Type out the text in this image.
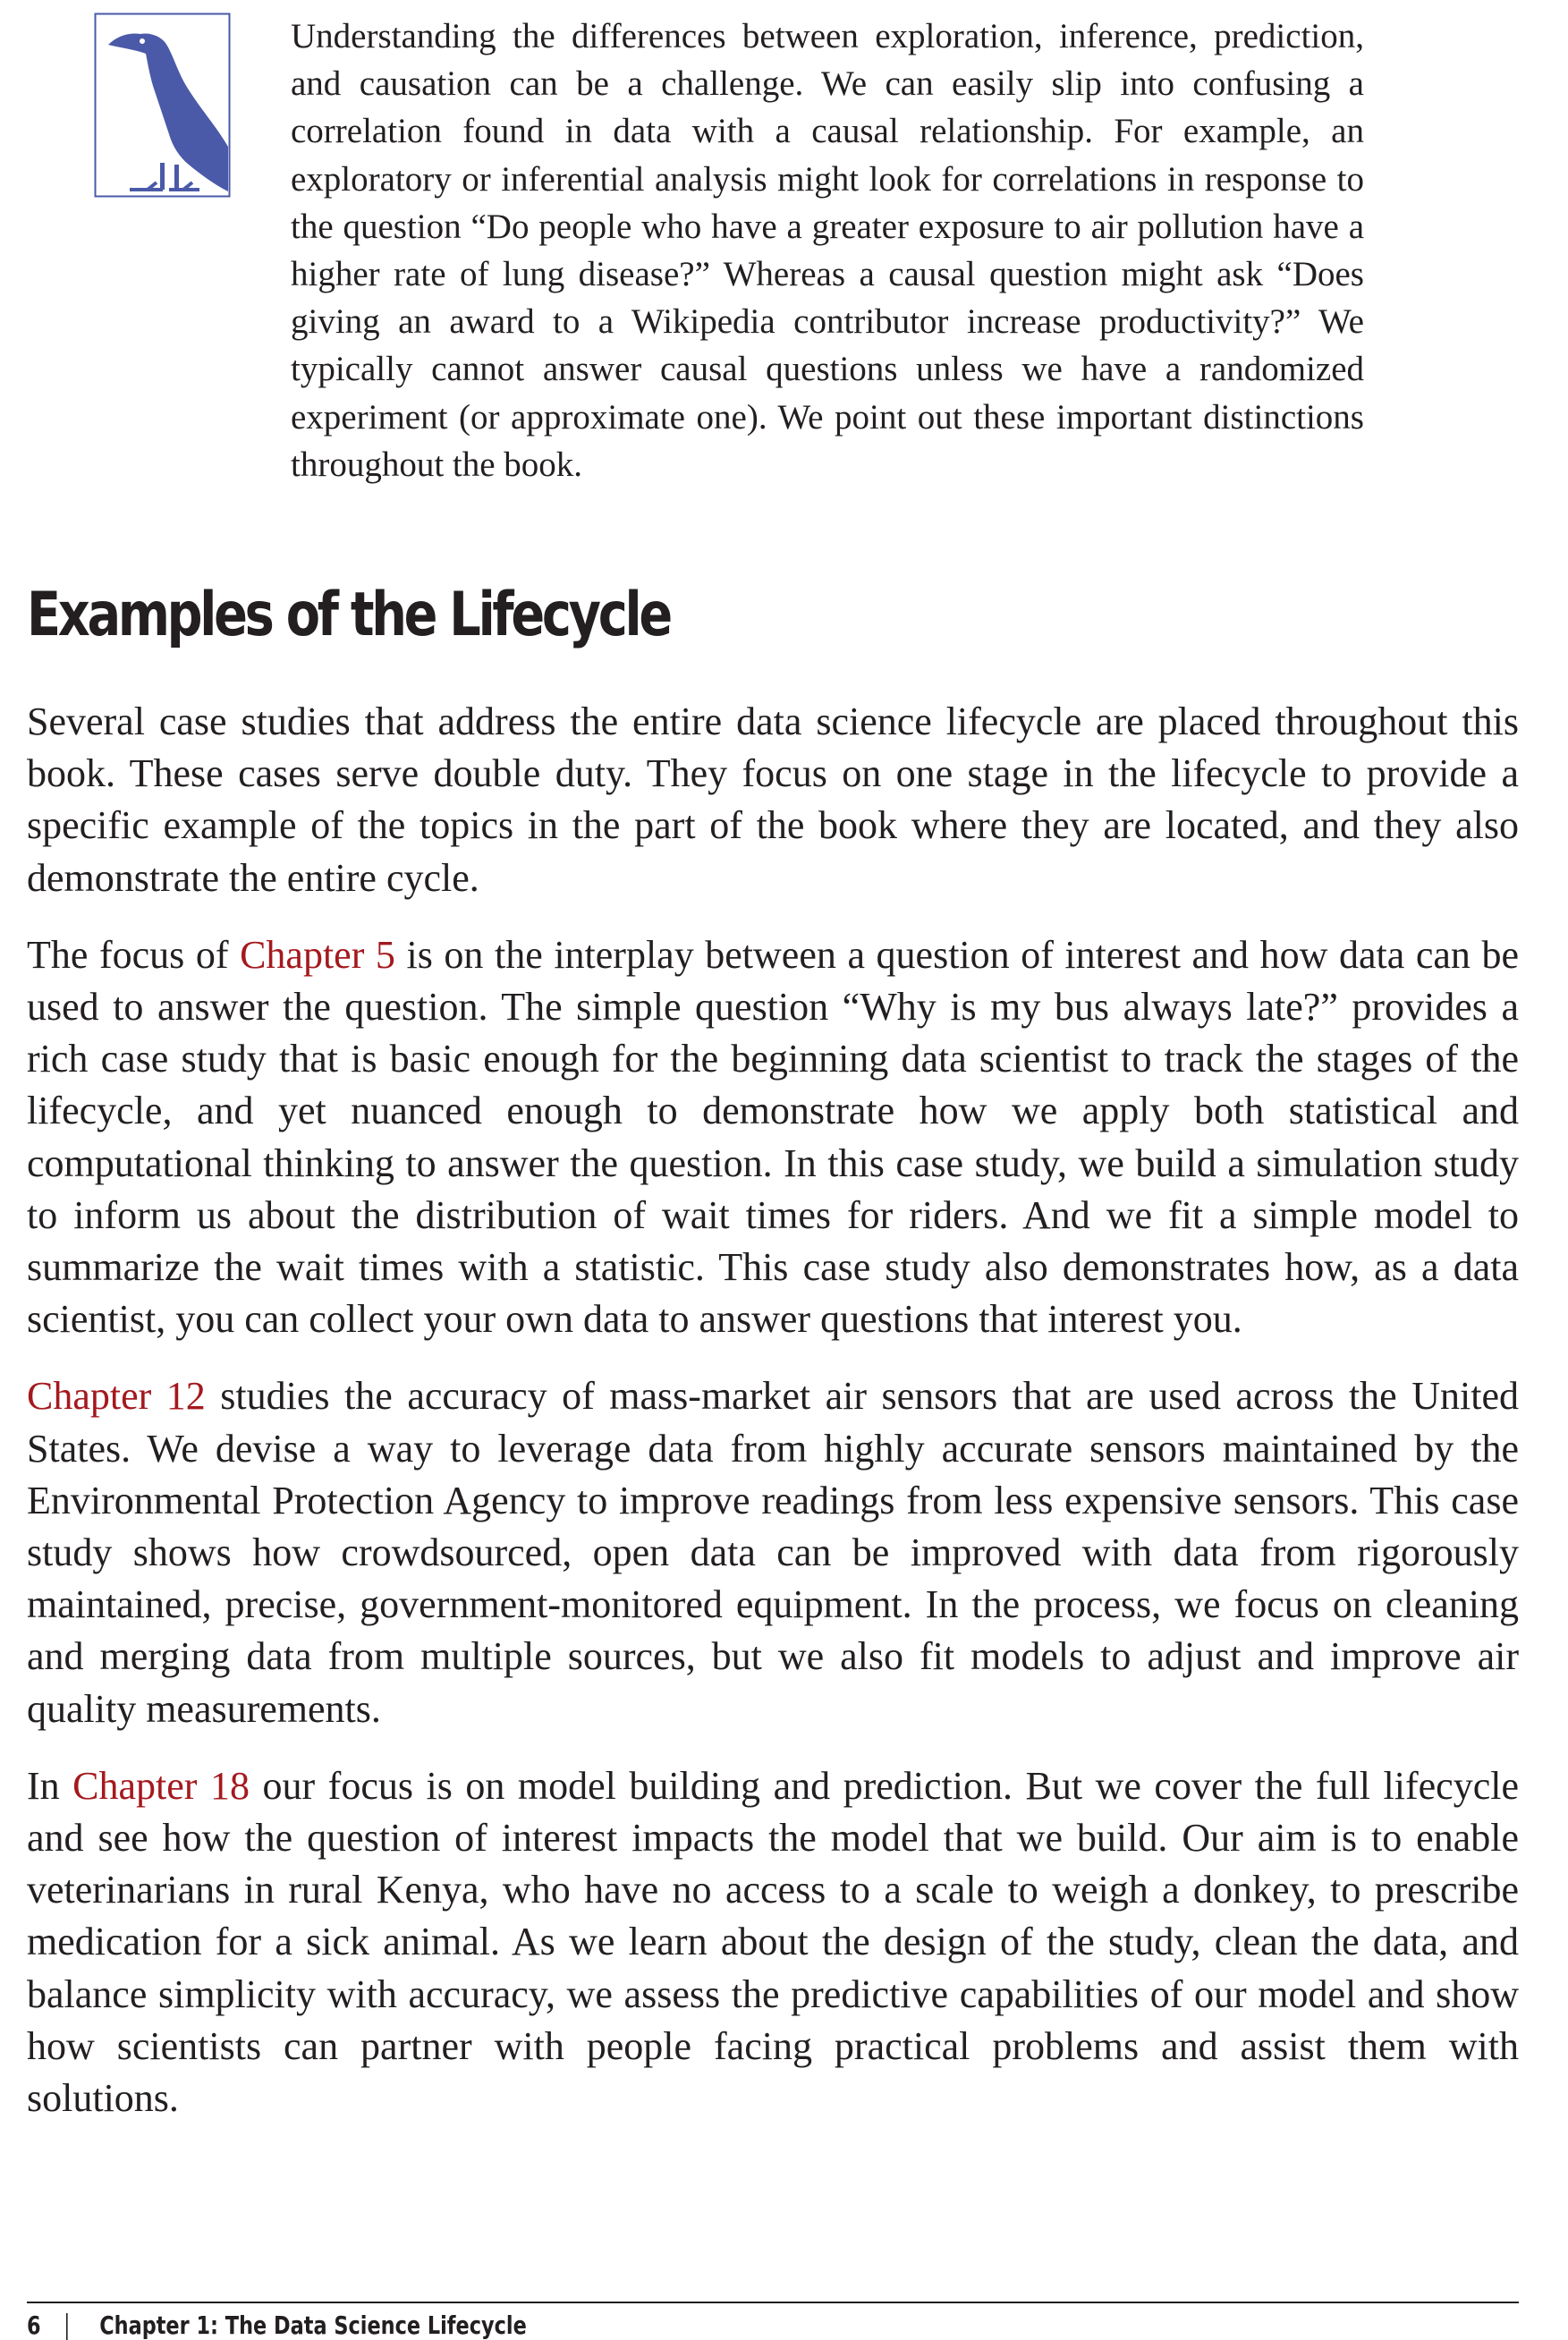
Understanding the differences between exploration, inference, prediction, and causation can be a challenge. We can easily slip into confusing a correlation found in data with a causal relationship. For example, an exploratory or inferential analysis might look for correlations in response to the question “Do people who have a greater exposure to air pollution have a higher rate of lung disease?” Whereas a causal question might ask “Does giving an award to a Wikipedia contributor increase productivity?” We typically cannot answer causal questions unless we have a randomized experiment (or approximate one). We point out these important distinctions throughout the book.

Examples of the Lifecycle

Several case studies that address the entire data science lifecycle are placed throughout this book. These cases serve double duty. They focus on one stage in the lifecycle to provide a specific example of the topics in the part of the book where they are located, and they also demonstrate the entire cycle.

The focus of Chapter 5 is on the interplay between a question of interest and how data can be used to answer the question. The simple question “Why is my bus always late?” provides a rich case study that is basic enough for the beginning data scientist to track the stages of the lifecycle, and yet nuanced enough to demonstrate how we apply both statistical and computational thinking to answer the question. In this case study, we build a simulation study to inform us about the distribution of wait times for riders. And we fit a simple model to summarize the wait times with a statistic. This case study also demonstrates how, as a data scientist, you can collect your own data to answer questions that interest you.

Chapter 12 studies the accuracy of mass-market air sensors that are used across the United States. We devise a way to leverage data from highly accurate sensors maintained by the Environmental Protection Agency to improve readings from less expensive sensors. This case study shows how crowdsourced, open data can be improved with data from rigorously maintained, precise, government-monitored equipment. In the process, we focus on cleaning and merging data from multiple sources, but we also fit models to adjust and improve air quality measurements.

In Chapter 18 our focus is on model building and prediction. But we cover the full lifecycle and see how the question of interest impacts the model that we build. Our aim is to enable veterinarians in rural Kenya, who have no access to a scale to weigh a donkey, to prescribe medication for a sick animal. As we learn about the design of the study, clean the data, and balance simplicity with accuracy, we assess the predictive capabilities of our model and show how scientists can partner with people facing practical problems and assist them with solutions.

6 Chapter 1: The Data Science Lifecycle
